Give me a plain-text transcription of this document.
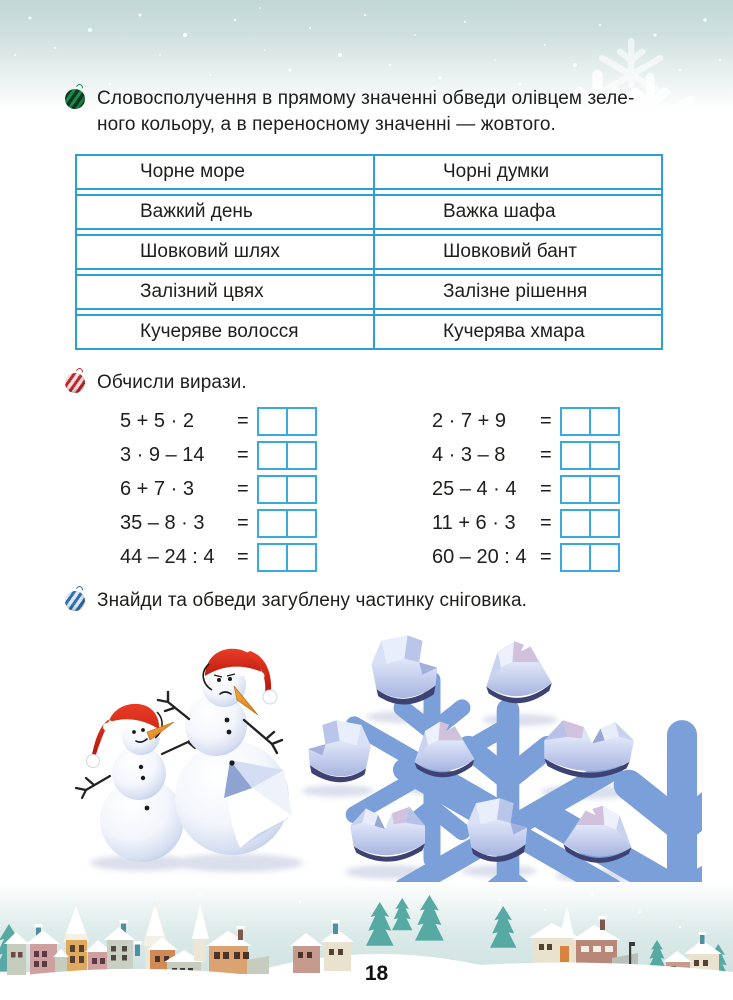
Словосполучення в прямому значенні обведи олівцем зеле-
ного кольору, а в переносному значенні — жовтого.
Чорне море	Чорні думки
Важкий день	Важка шафа
Шовковий шлях	Шовковий бант
Залізний цвях	Залізне рішення
Кучеряве волосся	Кучерява хмара
Обчисли вирази.
5 + 5 · 2	=
3 · 9 – 14	=
6 + 7 · 3	=
35 – 8 · 3	=
44 – 24 : 4	=
2 · 7 + 9	=
4 · 3 – 8	=
25 – 4 · 4	=
11 + 6 · 3	=
60 – 20 : 4 =
Знайди та обведи загублену частинку сніговика.
18
